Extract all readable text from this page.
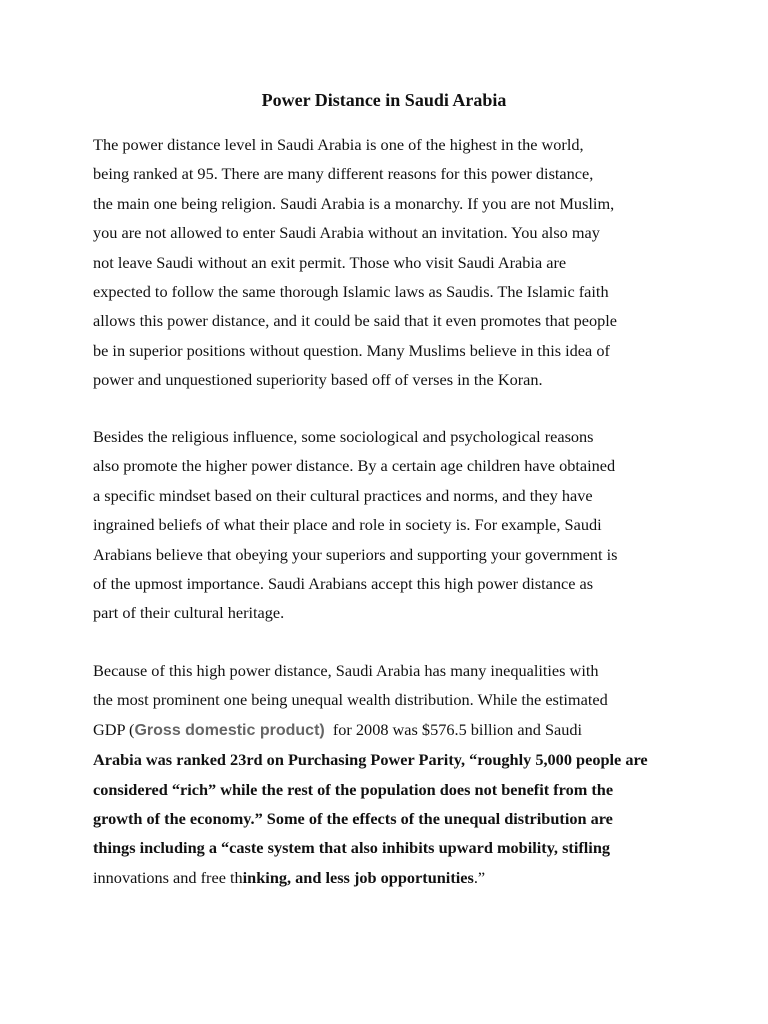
Power Distance in Saudi Arabia

The power distance level in Saudi Arabia is one of the highest in the world,
being ranked at 95. There are many different reasons for this power distance,
the main one being religion. Saudi Arabia is a monarchy. If you are not Muslim,
you are not allowed to enter Saudi Arabia without an invitation. You also may
not leave Saudi without an exit permit. Those who visit Saudi Arabia are
expected to follow the same thorough Islamic laws as Saudis. The Islamic faith
allows this power distance, and it could be said that it even promotes that people
be in superior positions without question. Many Muslims believe in this idea of
power and unquestioned superiority based off of verses in the Koran.

Besides the religious influence, some sociological and psychological reasons
also promote the higher power distance. By a certain age children have obtained
a specific mindset based on their cultural practices and norms, and they have
ingrained beliefs of what their place and role in society is. For example, Saudi
Arabians believe that obeying your superiors and supporting your government is
of the upmost importance. Saudi Arabians accept this high power distance as
part of their cultural heritage.

Because of this high power distance, Saudi Arabia has many inequalities with
the most prominent one being unequal wealth distribution. While the estimated
GDP (Gross domestic product)  for 2008 was $576.5 billion and Saudi
Arabia was ranked 23rd on Purchasing Power Parity, “roughly 5,000 people are
considered “rich” while the rest of the population does not benefit from the
growth of the economy.” Some of the effects of the unequal distribution are
things including a “caste system that also inhibits upward mobility, stifling
innovations and free thinking, and less job opportunities.”
